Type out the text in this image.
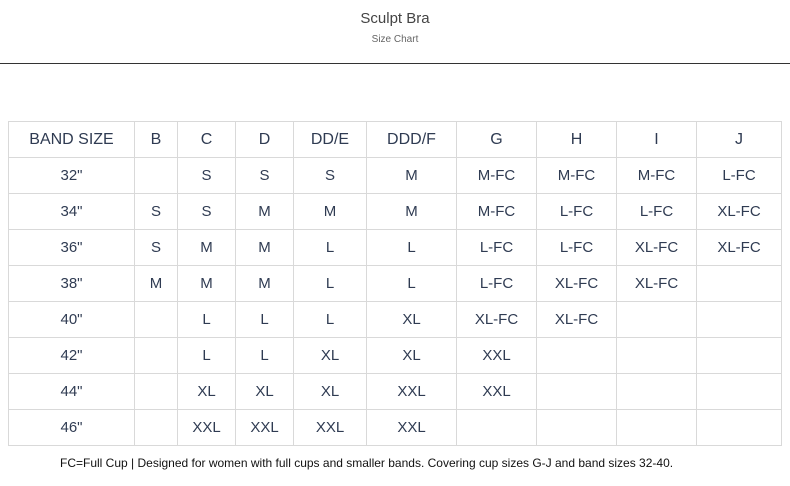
Sculpt Bra
Size Chart
BAND SIZE	B	C	D	DD/E	DDD/F	G	H	I	J
32"		S	S	S	M	M-FC	M-FC	M-FC	L-FC
34"	S	S	M	M	M	M-FC	L-FC	L-FC	XL-FC
36"	S	M	M	L	L	L-FC	L-FC	XL-FC	XL-FC
38"	M	M	M	L	L	L-FC	XL-FC	XL-FC	
40"		L	L	L	XL	XL-FC	XL-FC		
42"		L	L	XL	XL	XXL			
44"		XL	XL	XL	XXL	XXL			
46"		XXL	XXL	XXL	XXL				
FC=Full Cup | Designed for women with full cups and smaller bands. Covering cup sizes G-J and band sizes 32-40.
